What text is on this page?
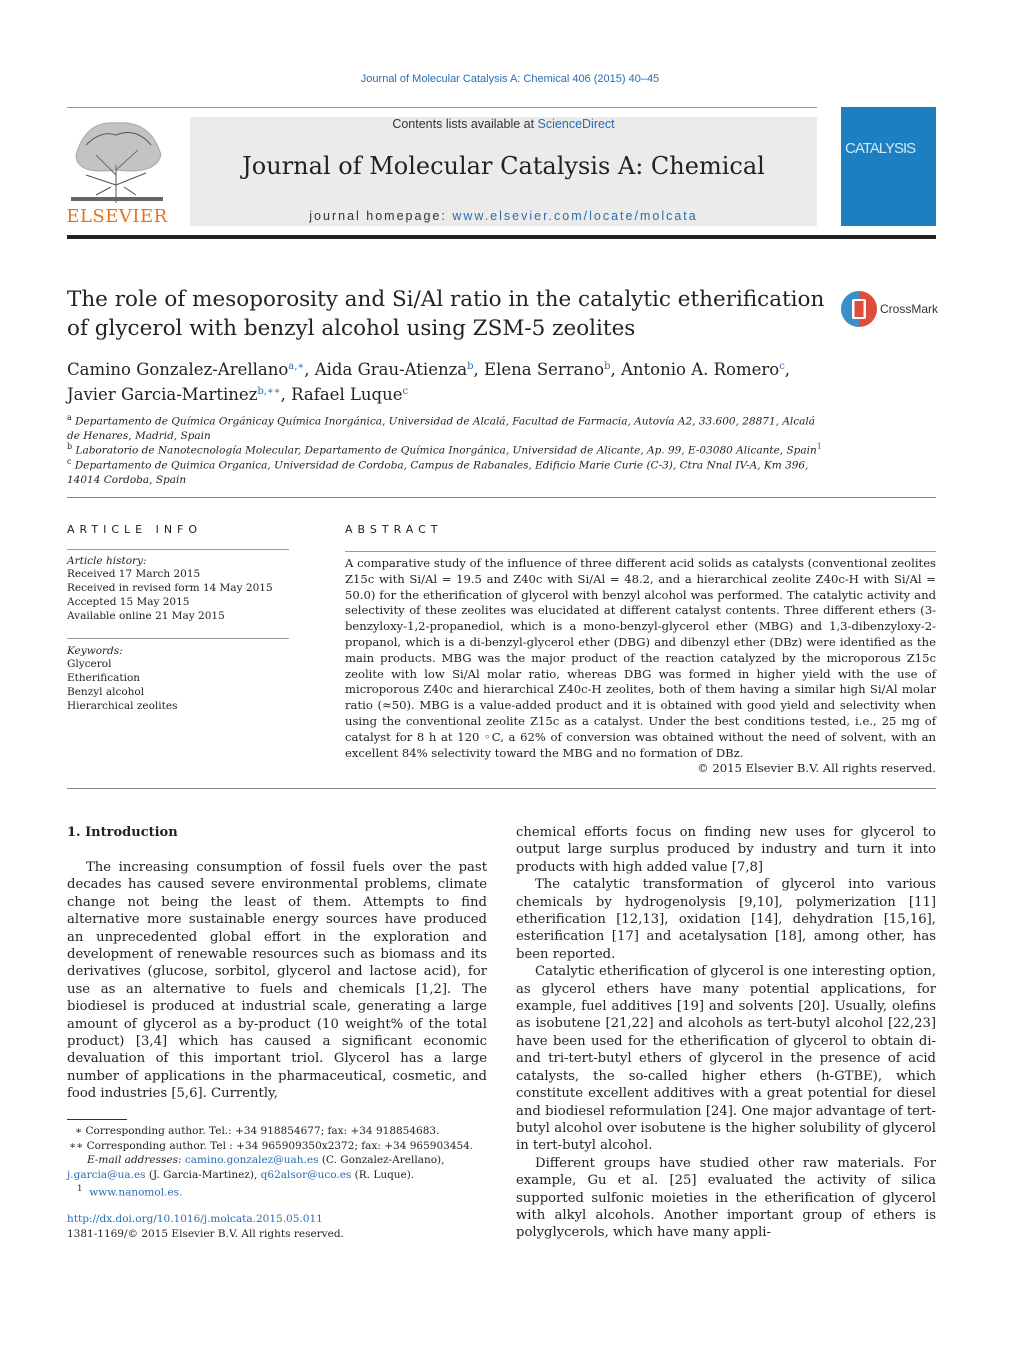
Journal of Molecular Catalysis A: Chemical 406 (2015) 40–45
ELSEVIER
Contents lists available at ScienceDirect
Journal of Molecular Catalysis A: Chemical
journal homepage: www.elsevier.com/locate/molcata
CATALYSIS
The role of mesoporosity and Si/Al ratio in the catalytic etherification of glycerol with benzyl alcohol using ZSM-5 zeolites
CrossMark
Camino Gonzalez-Arellano$^{a,∗}$, Aida Grau-Atienza$^b$, Elena Serrano$^b$, Antonio A. Romero$^c$,
Javier Garcia-Martinez$^{b,∗∗}$, Rafael Luque$^c$
$^a$ Departamento de Química Orgánicay Química Inorgánica, Universidad de Alcalá, Facultad de Farmacia, Autovía A2, 33.600, 28871, Alcalá de Henares, Madrid, Spain
$^b$ Laboratorio de Nanotecnología Molecular, Departamento de Química Inorgánica, Universidad de Alicante, Ap. 99, E-03080 Alicante, Spain$^1$
$^c$ Departamento de Quimica Organica, Universidad de Cordoba, Campus de Rabanales, Edificio Marie Curie (C-3), Ctra Nnal IV-A, Km 396, 14014 Cordoba, Spain
ARTICLE INFO
Article history:
Received 17 March 2015
Received in revised form 14 May 2015
Accepted 15 May 2015
Available online 21 May 2015
Keywords:
Glycerol
Etherification
Benzyl alcohol
Hierarchical zeolites
ABSTRACT
A comparative study of the influence of three different acid solids as catalysts (conventional zeolites Z15c with Si/Al = 19.5 and Z40c with Si/Al = 48.2, and a hierarchical zeolite Z40c-H with Si/Al = 50.0) for the etherification of glycerol with benzyl alcohol was performed. The catalytic activity and selectivity of these zeolites was elucidated at different catalyst contents. Three different ethers (3-benzyloxy-1,2-propanediol, which is a mono-benzyl-glycerol ether (MBG) and 1,3-dibenzyloxy-2-propanol, which is a di-benzyl-glycerol ether (DBG) and dibenzyl ether (DBz) were identified as the main products. MBG was the major product of the reaction catalyzed by the microporous Z15c zeolite with low Si/Al molar ratio, whereas DBG was formed in higher yield with the use of microporous Z40c and hierarchical Z40c-H zeolites, both of them having a similar high Si/Al molar ratio (≈50). MBG is a value-added product and it is obtained with good yield and selectivity when using the conventional zeolite Z15c as a catalyst. Under the best conditions tested, i.e., 25 mg of catalyst for 8 h at 120 ◦C, a 62% of conversion was obtained without the need of solvent, with an excellent 84% selectivity toward the MBG and no formation of DBz.
© 2015 Elsevier B.V. All rights reserved.
1. Introduction

The increasing consumption of fossil fuels over the past decades has caused severe environmental problems, climate change not being the least of them. Attempts to find alternative more sustainable energy sources have produced an unprecedented global effort in the exploration and development of renewable resources such as biomass and its derivatives (glucose, sorbitol, glycerol and lactose acid), for use as an alternative to fuels and chemicals [1,2]. The biodiesel is produced at industrial scale, generating a large amount of glycerol as a by-product (10 weight% of the total product) [3,4] which has caused a significant economic devaluation of this important triol. Glycerol has a large number of applications in the pharmaceutical, cosmetic, and food industries [5,6]. Currently,

chemical efforts focus on finding new uses for glycerol to output large surplus produced by industry and turn it into products with high added value [7,8]

The catalytic transformation of glycerol into various chemicals by hydrogenolysis [9,10], polymerization [11] etherification [12,13], oxidation [14], dehydration [15,16], esterification [17] and acetalysation [18], among other, has been reported.

Catalytic etherification of glycerol is one interesting option, as glycerol ethers have many potential applications, for example, fuel additives [19] and solvents [20]. Usually, olefins as isobutene [21,22] and alcohols as tert-butyl alcohol [22,23] have been used for the etherification of glycerol to obtain di- and tri-tert-butyl ethers of glycerol in the presence of acid catalysts, the so-called higher ethers (h-GTBE), which constitute excellent additives with a great potential for diesel and biodiesel reformulation [24]. One major advantage of tert-butyl alcohol over isobutene is the higher solubility of glycerol in tert-butyl alcohol.

Different groups have studied other raw materials. For example, Gu et al. [25] evaluated the activity of silica supported sulfonic moieties in the etherification of glycerol with alkyl alcohols. Another important group of ethers is polyglycerols, which have many appli-

∗ Corresponding author. Tel.: +34 918854677; fax: +34 918854683.
∗∗ Corresponding author. Tel : +34 965909350x2372; fax: +34 965903454.
E-mail addresses: camino.gonzalez@uah.es (C. Gonzalez-Arellano),
j.garcia@ua.es (J. Garcia-Martinez), q62alsor@uco.es (R. Luque).
$^1$ www.nanomol.es.
http://dx.doi.org/10.1016/j.molcata.2015.05.011
1381-1169/© 2015 Elsevier B.V. All rights reserved.
